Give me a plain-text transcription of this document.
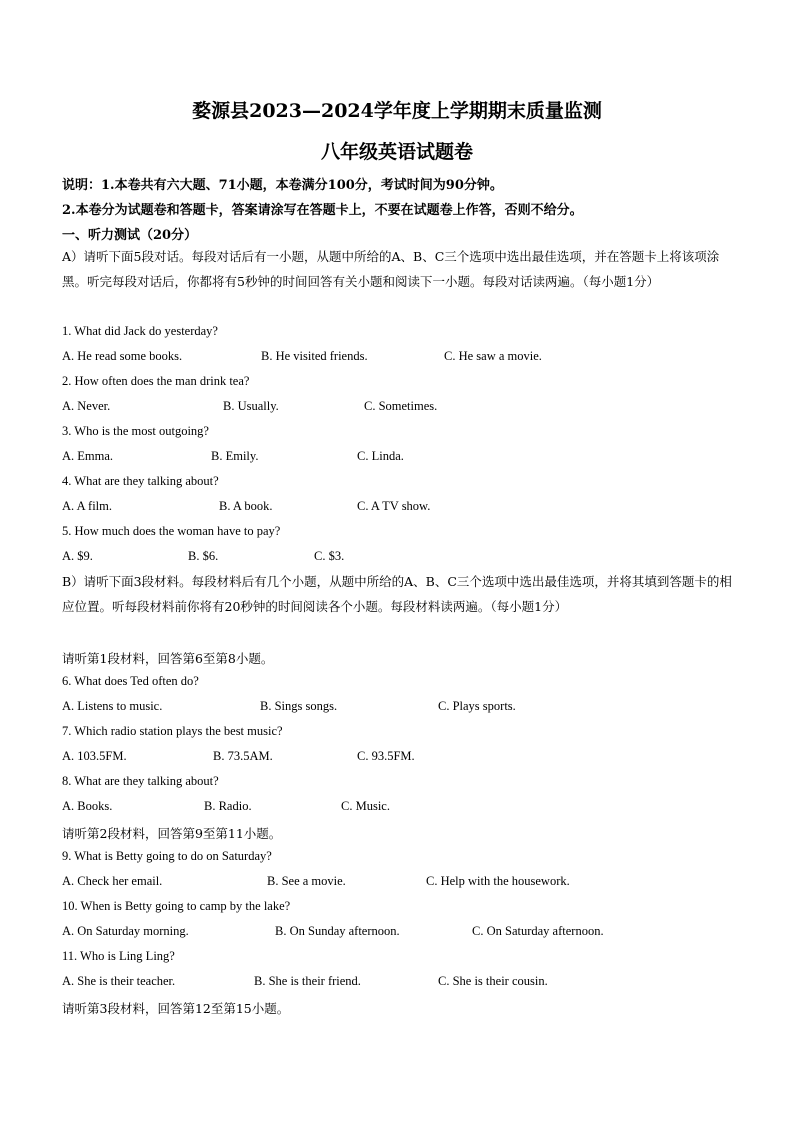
婺源县2023—2024学年度上学期期末质量监测
八年级英语试题卷
说明：1.本卷共有六大题、71小题，本卷满分100分，考试时间为90分钟。
2.本卷分为试题卷和答题卡，答案请涂写在答题卡上，不要在试题卷上作答，否则不给分。
一、听力测试（20分）
A）请听下面5段对话。每段对话后有一小题，从题中所给的A、B、C三个选项中选出最佳选项，并在答题卡上将该项涂黑。听完每段对话后，你都将有5秒钟的时间回答有关小题和阅读下一小题。每段对话读两遍。（每小题1分）
1. What did Jack do yesterday?
A. He read some books.	B. He visited friends.	C. He saw a movie.
2. How often does the man drink tea?
A. Never.	B. Usually.	C. Sometimes.
3. Who is the most outgoing?
A. Emma.	B. Emily.	C. Linda.
4. What are they talking about?
A. A film.	B. A book.	C. A TV show.
5. How much does the woman have to pay?
A. $9.	B. $6.	C. $3.
B）请听下面3段材料。每段材料后有几个小题，从题中所给的A、B、C三个选项中选出最佳选项，并将其填到答题卡的相应位置。听每段材料前你将有20秒钟的时间阅读各个小题。每段材料读两遍。（每小题1分）
请听第1段材料，回答第6至第8小题。
6. What does Ted often do?
A. Listens to music.	B. Sings songs.	C. Plays sports.
7. Which radio station plays the best music?
A. 103.5FM.	B. 73.5AM.	C. 93.5FM.
8. What are they talking about?
A. Books.	B. Radio.	C. Music.
请听第2段材料，回答第9至第11小题。
9. What is Betty going to do on Saturday?
A. Check her email.	B. See a movie.	C. Help with the housework.
10. When is Betty going to camp by the lake?
A. On Saturday morning.	B. On Sunday afternoon.	C. On Saturday afternoon.
11. Who is Ling Ling?
A. She is their teacher.	B. She is their friend.	C. She is their cousin.
请听第3段材料，回答第12至第15小题。
